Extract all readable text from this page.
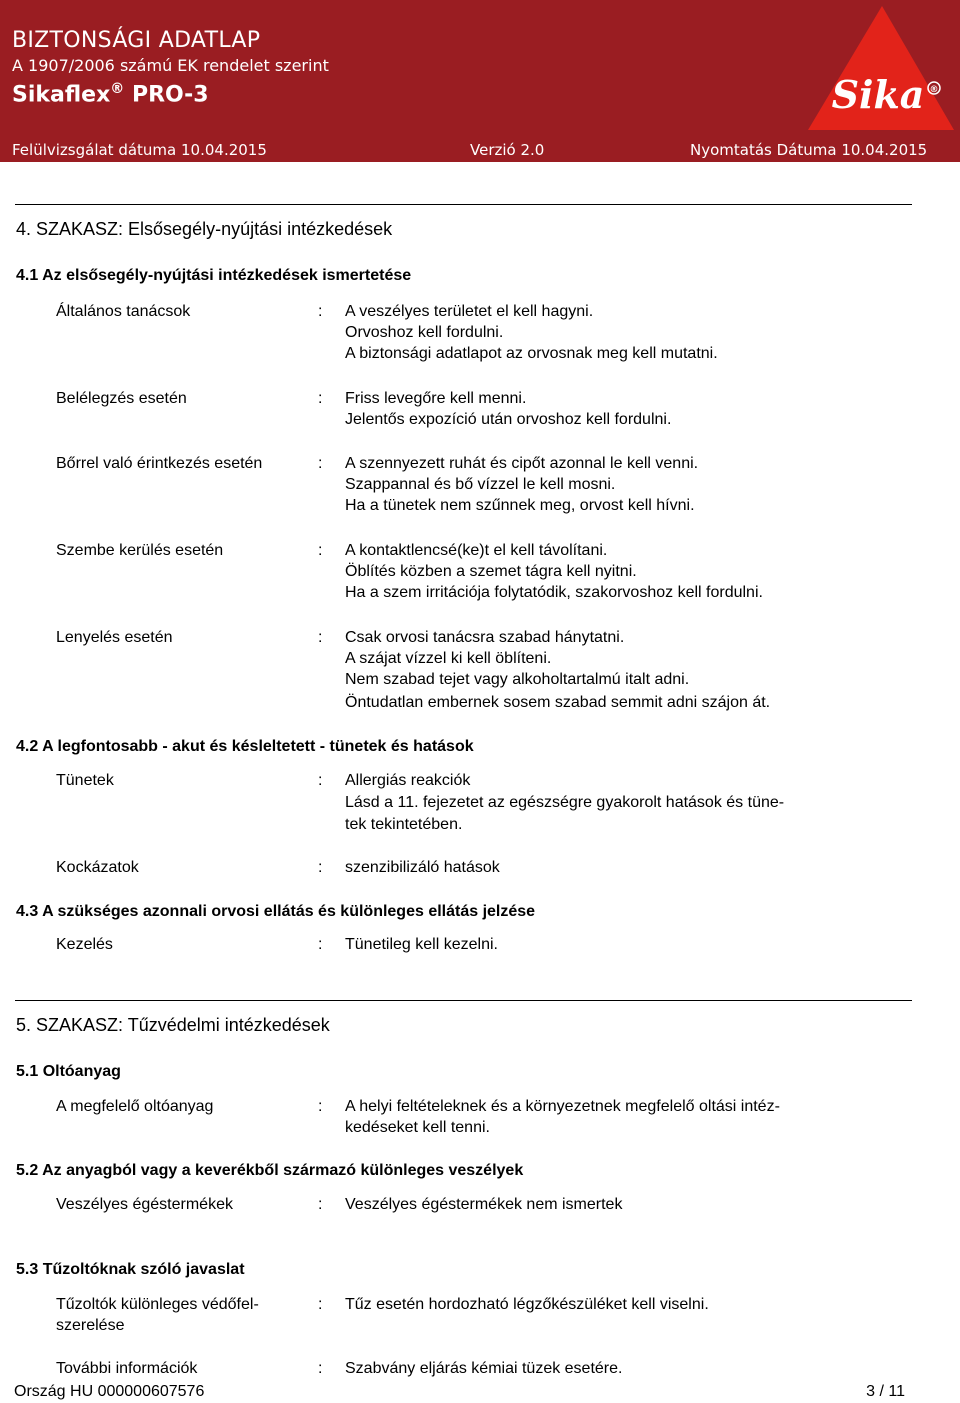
BIZTONSÁGI ADATLAP
A 1907/2006 számú EK rendelet szerint
Sikaflex® PRO-3
Felülvizsgálat dátuma 10.04.2015	Verzió 2.0	Nyomtatás Dátuma 10.04.2015
Sika ®
4. SZAKASZ: Elsősegély-nyújtási intézkedések
4.1 Az elsősegély-nyújtási intézkedések ismertetése
Általános tanácsok	: A veszélyes területet el kell hagyni.
Orvoshoz kell fordulni.
A biztonsági adatlapot az orvosnak meg kell mutatni.
Belélegzés esetén	: Friss levegőre kell menni.
Jelentős expozíció után orvoshoz kell fordulni.
Bőrrel való érintkezés esetén	: A szennyezett ruhát és cipőt azonnal le kell venni.
Szappannal és bő vízzel le kell mosni.
Ha a tünetek nem szűnnek meg, orvost kell hívni.
Szembe kerülés esetén	: A kontaktlencsé(ke)t el kell távolítani.
Öblítés közben a szemet tágra kell nyitni.
Ha a szem irritációja folytatódik, szakorvoshoz kell fordulni.
Lenyelés esetén	: Csak orvosi tanácsra szabad hánytatni.
A szájat vízzel ki kell öblíteni.
Nem szabad tejet vagy alkoholtartalmú italt adni.
Öntudatlan embernek sosem szabad semmit adni szájon át.
4.2 A legfontosabb - akut és késleltetett - tünetek és hatások
Tünetek	: Allergiás reakciók
Lásd a 11. fejezetet az egészségre gyakorolt hatások és tüne-
tek tekintetében.
Kockázatok	: szenzibilizáló hatások
4.3 A szükséges azonnali orvosi ellátás és különleges ellátás jelzése
Kezelés	: Tünetileg kell kezelni.
5. SZAKASZ: Tűzvédelmi intézkedések
5.1 Oltóanyag
A megfelelő oltóanyag	: A helyi feltételeknek és a környezetnek megfelelő oltási intéz-
kedéseket kell tenni.
5.2 Az anyagból vagy a keverékből származó különleges veszélyek
Veszélyes égéstermékek	: Veszélyes égéstermékek nem ismertek
5.3 Tűzoltóknak szóló javaslat
Tűzoltók különleges védőfel-
szerelése
: Tűz esetén hordozható légzőkészüléket kell viselni.
További információk	: Szabvány eljárás kémiai tüzek esetére.
Ország HU 000000607576	3 / 11
